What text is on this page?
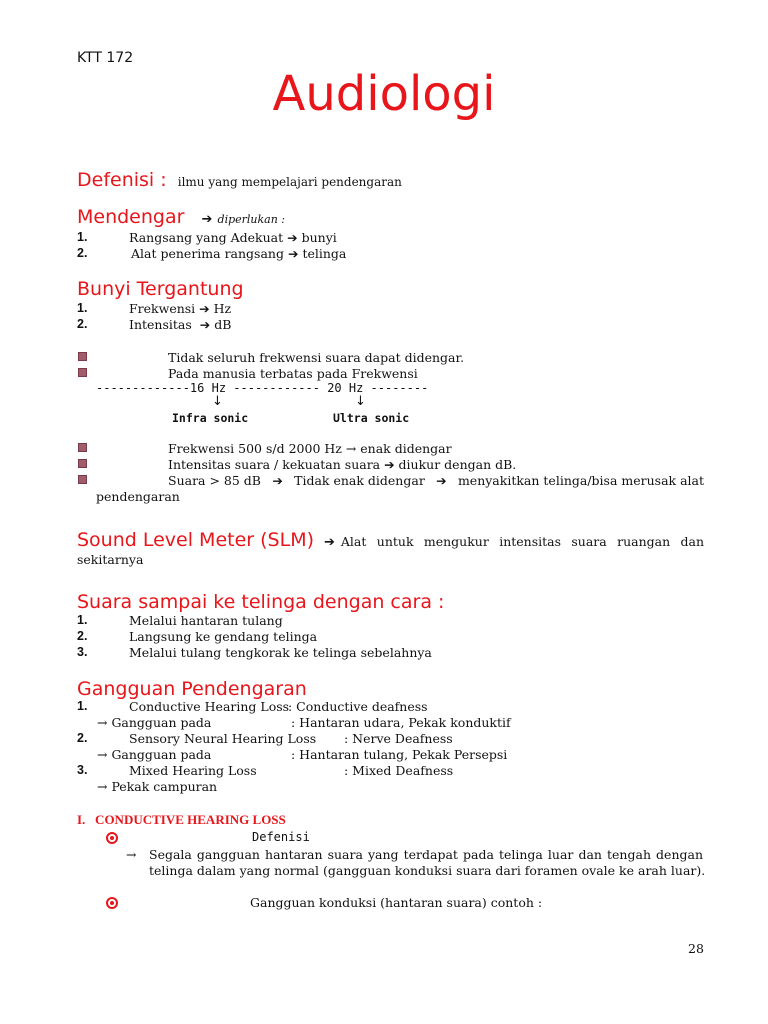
KTT 172
Audiologi
Defenisi : ilmu yang mempelajari pendengaran
Mendengar ➔ diperlukan :
1.	Rangsang yang Adekuat ➔ bunyi
2.	Alat penerima rangsang ➔ telinga
Bunyi Tergantung
1.	Frekwensi ➔ Hz
2.	Intensitas ➔ dB
Tidak seluruh frekwensi suara dapat didengar.
Pada manusia terbatas pada Frekwensi
-------------16 Hz ------------ 20 Hz --------
↓	↓
Infra sonic	Ultra sonic
Frekwensi 500 s/d 2000 Hz → enak didengar
Intensitas suara / kekuatan suara ➔ diukur dengan dB.
Suara > 85 dB ➔ Tidak enak didengar ➔ menyakitkan telinga/bisa merusak alat
pendengaran
Sound Level Meter (SLM) ➔ Alat untuk mengukur intensitas suara ruangan dan
sekitarnya
Suara sampai ke telinga dengan cara :
1.	Melalui hantaran tulang
2.	Langsung ke gendang telinga
3.	Melalui tulang tengkorak ke telinga sebelahnya
Gangguan Pendengaran
1.	Conductive Hearing Loss
: Conductive deafness
→ Gangguan pada	: Hantaran udara, Pekak konduktif
2.	Sensory Neural Hearing Loss : Nerve Deafness
→ Gangguan pada	: Hantaran tulang, Pekak Persepsi
3.	Mixed Hearing Loss	: Mixed Deafness
→ Pekak campuran
I.   CONDUCTIVE HEARING LOSS
Defenisi
→ Segala gangguan hantaran suara yang terdapat pada telinga luar dan tengah dengan
telinga dalam yang normal (gangguan konduksi suara dari foramen ovale ke arah luar).
Gangguan konduksi (hantaran suara) contoh :
28
